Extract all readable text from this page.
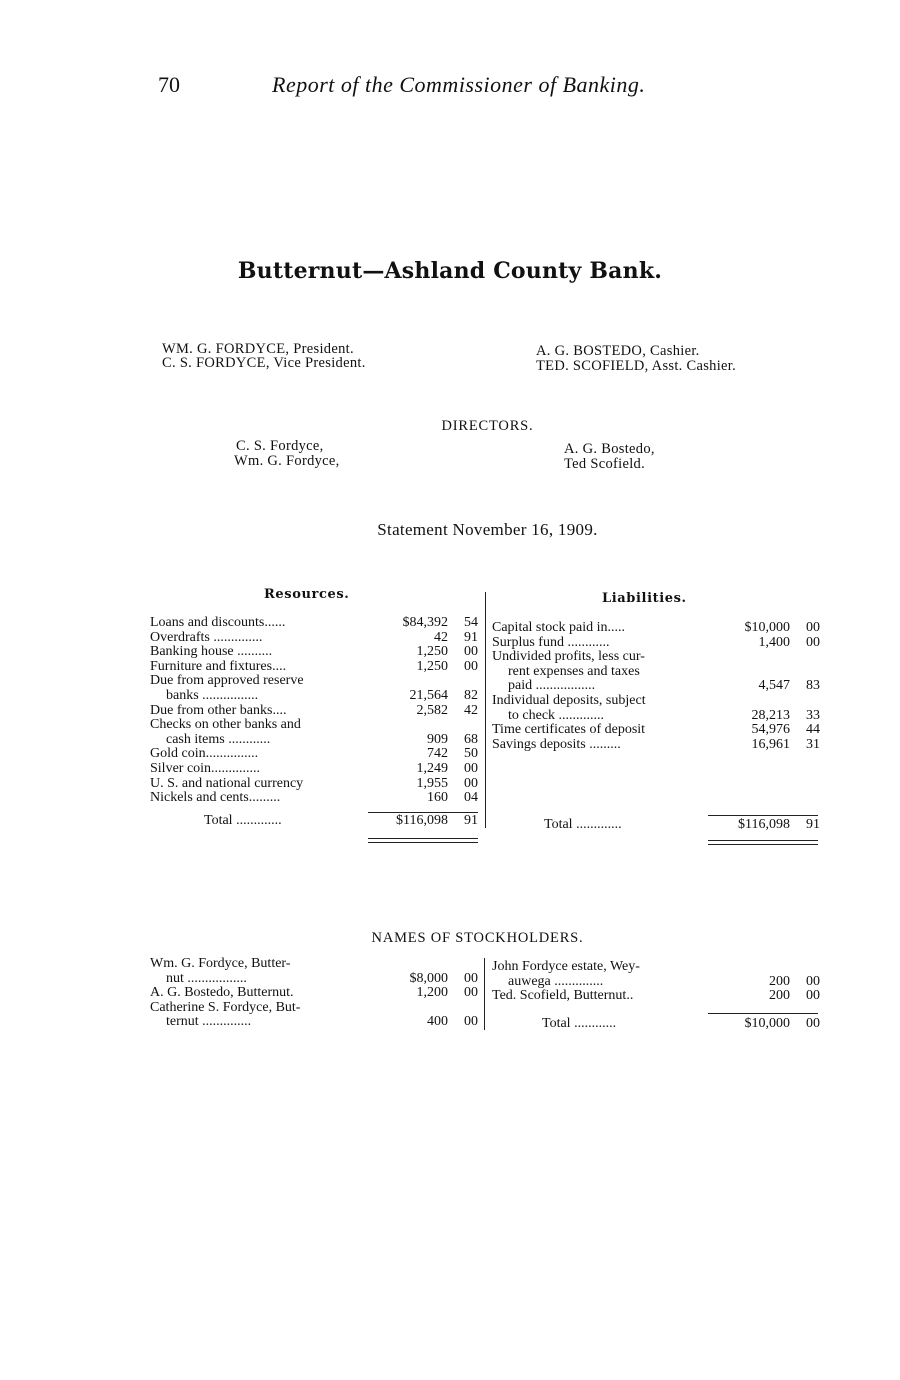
70	Report of the Commissioner of Banking.
Butternut—Ashland County Bank.
WM. G. FORDYCE, President.
C. S. FORDYCE, Vice President.
A. G. BOSTEDO, Cashier.
TED. SCOFIELD, Asst. Cashier.
DIRECTORS.
C. S. Fordyce,
Wm. G. Fordyce,
A. G. Bostedo,
Ted Scofield.
Statement November 16, 1909.
Resources.
Loans and discounts......	$84,392	54
Overdrafts ..............	42	91
Banking house ..........	1,250	00
Furniture and fixtures....	1,250	00
Due from approved reserve		
banks ................	21,564	82
Due from other banks....	2,582	42
Checks on other banks and		
cash items ............	909	68
Gold coin...............	742	50
Silver coin..............	1,249	00
U. S. and national currency	1,955	00
Nickels and cents.........	160	04
Total .............	$116,098	91
Liabilities.
Capital stock paid in.....	$10,000	00
Surplus fund ............	1,400	00
Undivided profits, less cur-		
rent expenses and taxes		
paid .................	4,547	83
Individual deposits, subject		
to check .............	28,213	33
Time certificates of deposit	54,976	44
Savings deposits .........	16,961	31
Total .............	$116,098	91
NAMES OF STOCKHOLDERS.
Wm. G. Fordyce, Butter-		
nut .................	$8,000	00
A. G. Bostedo, Butternut.	1,200	00
Catherine S. Fordyce, But-		
ternut ..............	400	00
John Fordyce estate, Wey-		
auwega ..............	200	00
Ted. Scofield, Butternut..	200	00
Total ............	$10,000	00
